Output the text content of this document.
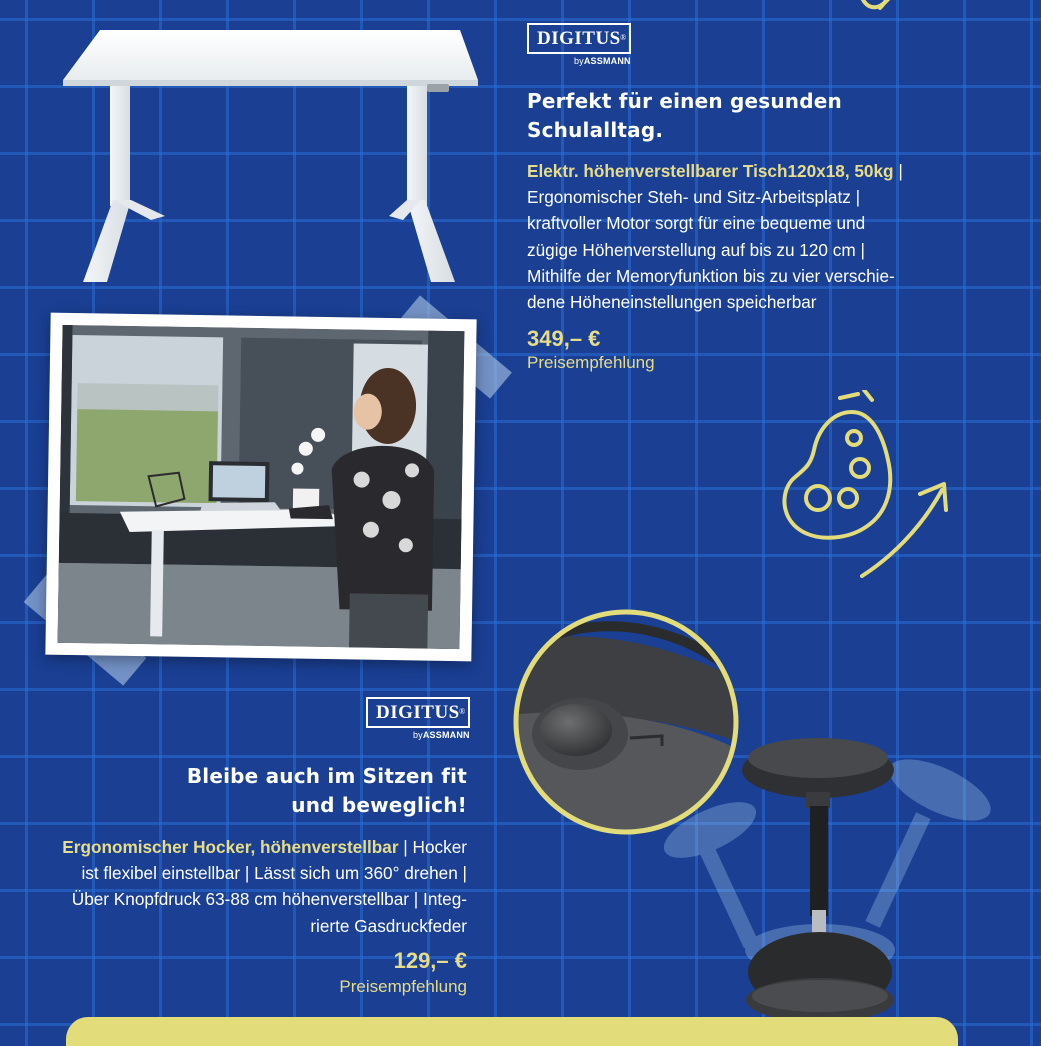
DIGITUS ®
byASSMANN
Perfekt für einen gesunden
Schulalltag.
Elektr. höhenverstellbarer Tisch120x18, 50kg |
Ergonomischer Steh- und Sitz-Arbeitsplatz |
kraftvoller Motor sorgt für eine bequeme und
zügige Höhenverstellung auf bis zu 120 cm |
Mithilfe der Memoryfunktion bis zu vier verschie-
dene Höheneinstellungen speicherbar
349,– €
Preisempfehlung
DIGITUS ®
byASSMANN
Bleibe auch im Sitzen fit
und beweglich!
Ergonomischer Hocker, höhenverstellbar | Hocker
ist flexibel einstellbar | Lässt sich um 360° drehen |
Über Knopfdruck 63-88 cm höhenverstellbar | Integ-
rierte Gasdruckfeder
129,– €
Preisempfehlung
